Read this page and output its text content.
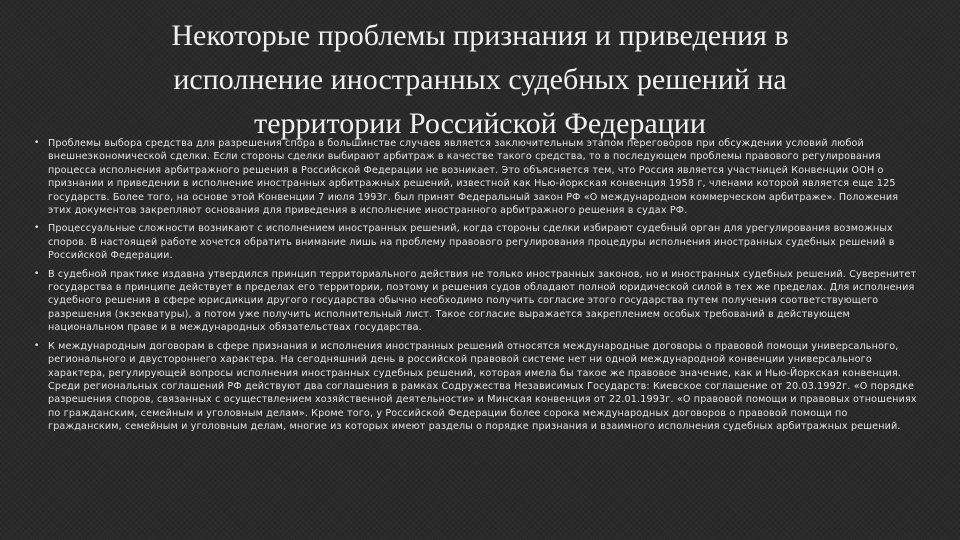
Некоторые проблемы признания и приведения в
исполнение иностранных судебных решений на
территории Российской Федерации
• Проблемы выбора средства для разрешения спора в большинстве случаев является заключительным этапом переговоров при обсуждении условий любой внешнеэкономической сделки. Если стороны сделки выбирают арбитраж в качестве такого средства, то в последующем проблемы правового регулирования процесса исполнения арбитражного решения в Российской Федерации не возникает. Это объясняется тем, что Россия является участницей Конвенции ООН о признании и приведении в исполнение иностранных арбитражных решений, известной как Нью-йоркская конвенция 1958 г, членами которой является еще 125 государств. Более того, на основе этой Конвенции 7 июля 1993г. был принят Федеральный закон РФ «О международном коммерческом арбитраже». Положения этих документов закрепляют основания для приведения в исполнение иностранного арбитражного решения в судах РФ.
• Процессуальные сложности возникают с исполнением иностранных решений, когда стороны сделки избирают судебный орган для урегулирования возможных споров. В настоящей работе хочется обратить внимание лишь на проблему правового регулирования процедуры исполнения иностранных судебных решений в Российской Федерации.
• В судебной практике издавна утвердился принцип территориального действия не только иностранных законов, но и иностранных судебных решений. Суверенитет государства в принципе действует в пределах его территории, поэтому и решения судов обладают полной юридической силой в тех же пределах. Для исполнения судебного решения в сфере юрисдикции другого государства обычно необходимо получить согласие этого государства путем получения соответствующего разрешения (экзекватуры), а потом уже получить исполнительный лист. Такое согласие выражается закреплением особых требований в действующем национальном праве и в международных обязательствах государства.
• К международным договорам в сфере признания и исполнения иностранных решений относятся международные договоры о правовой помощи универсального, регионального и двустороннего характера. На сегодняшний день в российской правовой системе нет ни одной международной конвенции универсального характера, регулирующей вопросы исполнения иностранных судебных решений, которая имела бы такое же правовое значение, как и Нью-Йоркская конвенция. Среди региональных соглашений РФ действуют два соглашения в рамках Содружества Независимых Государств: Киевское соглашение от 20.03.1992г. «О порядке разрешения споров, связанных с осуществлением хозяйственной деятельности» и Минская конвенция от 22.01.1993г. «О правовой помощи и правовых отношениях по гражданским, семейным и уголовным делам». Кроме того, у Российской Федерации более сорока международных договоров о правовой помощи по гражданским, семейным и уголовным делам, многие из которых имеют разделы о порядке признания и взаимного исполнения судебных арбитражных решений.
